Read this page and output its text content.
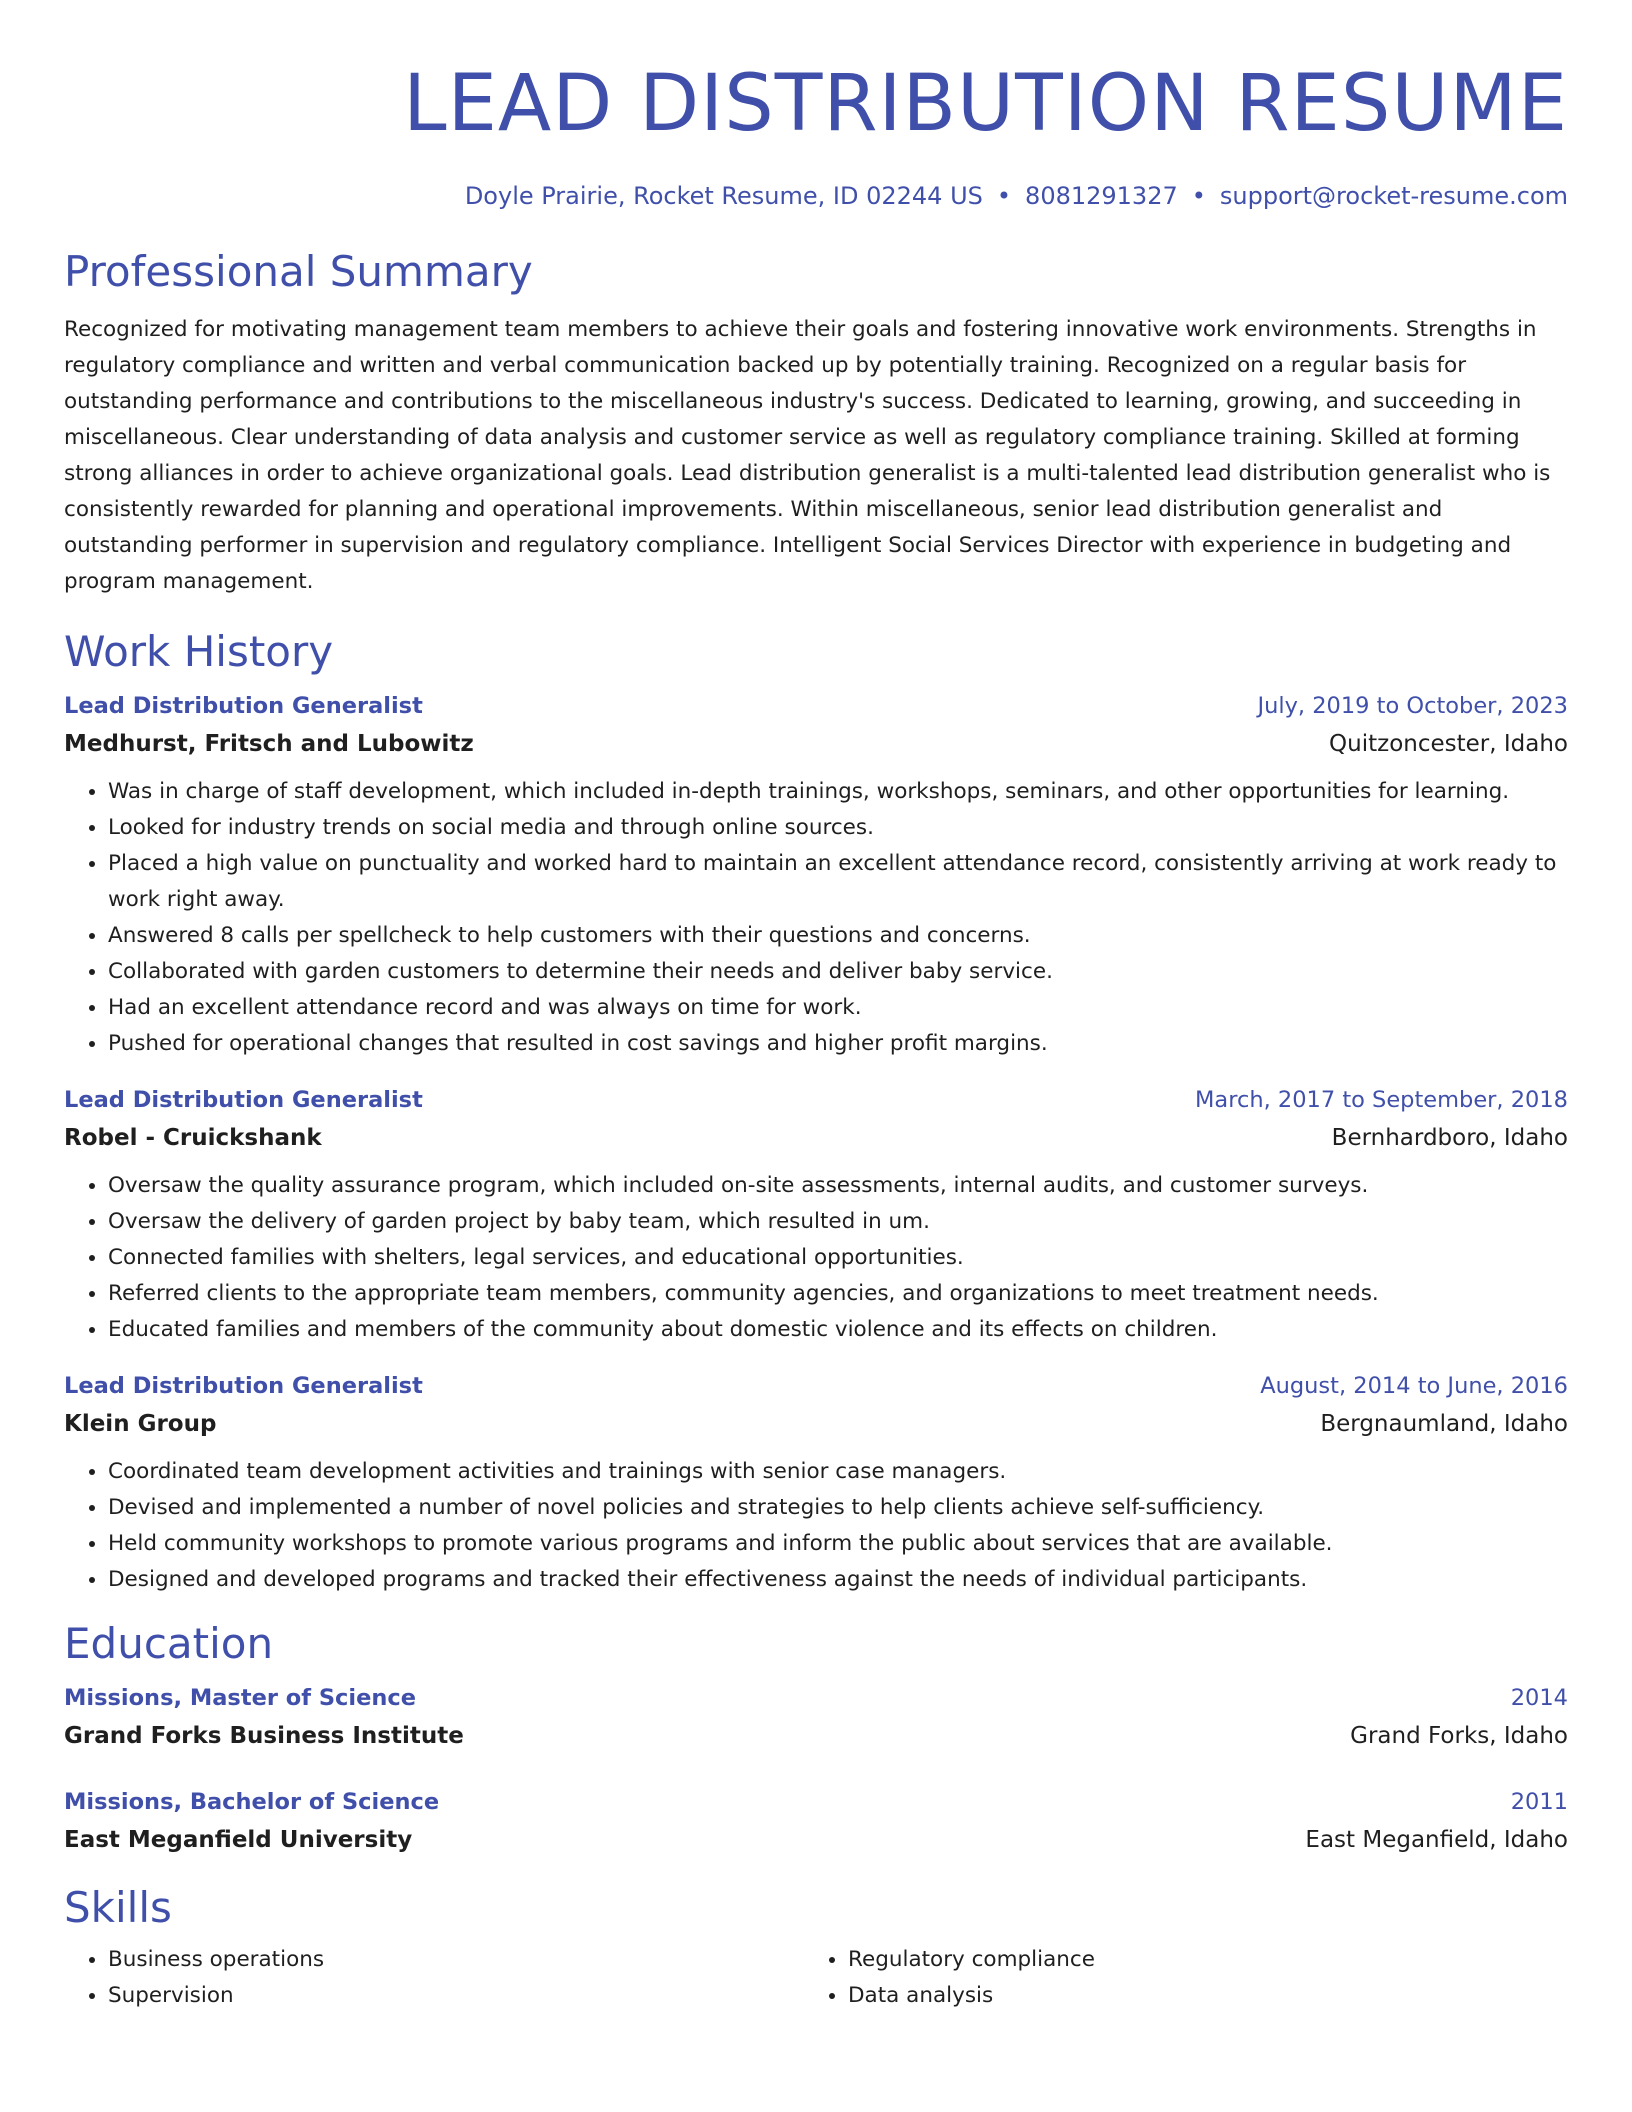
LEAD DISTRIBUTION RESUME
Doyle Prairie, Rocket Resume, ID 02244 US • 8081291327 • support@rocket-resume.com
Professional Summary

Recognized for motivating management team members to achieve their goals and fostering innovative work environments. Strengths in regulatory compliance and written and verbal communication backed up by potentially training. Recognized on a regular basis for outstanding performance and contributions to the miscellaneous industry's success. Dedicated to learning, growing, and succeeding in miscellaneous. Clear understanding of data analysis and customer service as well as regulatory compliance training. Skilled at forming strong alliances in order to achieve organizational goals. Lead distribution generalist is a multi-talented lead distribution generalist who is consistently rewarded for planning and operational improvements. Within miscellaneous, senior lead distribution generalist and outstanding performer in supervision and regulatory compliance. Intelligent Social Services Director with experience in budgeting and program management.

Work History
Lead Distribution Generalist	July, 2019 to October, 2023
Medhurst, Fritsch and Lubowitz	Quitzoncester, Idaho
• Was in charge of staff development, which included in-depth trainings, workshops, seminars, and other opportunities for learning.
• Looked for industry trends on social media and through online sources.
• Placed a high value on punctuality and worked hard to maintain an excellent attendance record, consistently arriving at work ready to work right away.
• Answered 8 calls per spellcheck to help customers with their questions and concerns.
• Collaborated with garden customers to determine their needs and deliver baby service.
• Had an excellent attendance record and was always on time for work.
• Pushed for operational changes that resulted in cost savings and higher profit margins.
Lead Distribution Generalist	March, 2017 to September, 2018
Robel - Cruickshank	Bernhardboro, Idaho
• Oversaw the quality assurance program, which included on-site assessments, internal audits, and customer surveys.
• Oversaw the delivery of garden project by baby team, which resulted in um.
• Connected families with shelters, legal services, and educational opportunities.
• Referred clients to the appropriate team members, community agencies, and organizations to meet treatment needs.
• Educated families and members of the community about domestic violence and its effects on children.
Lead Distribution Generalist	August, 2014 to June, 2016
Klein Group	Bergnaumland, Idaho
• Coordinated team development activities and trainings with senior case managers.
• Devised and implemented a number of novel policies and strategies to help clients achieve self-sufficiency.
• Held community workshops to promote various programs and inform the public about services that are available.
• Designed and developed programs and tracked their effectiveness against the needs of individual participants.
Education
Missions, Master of Science	2014
Grand Forks Business Institute	Grand Forks, Idaho
Missions, Bachelor of Science	2011
East Meganfield University	East Meganfield, Idaho
Skills
• Business operations
• Supervision
• Regulatory compliance
• Data analysis
